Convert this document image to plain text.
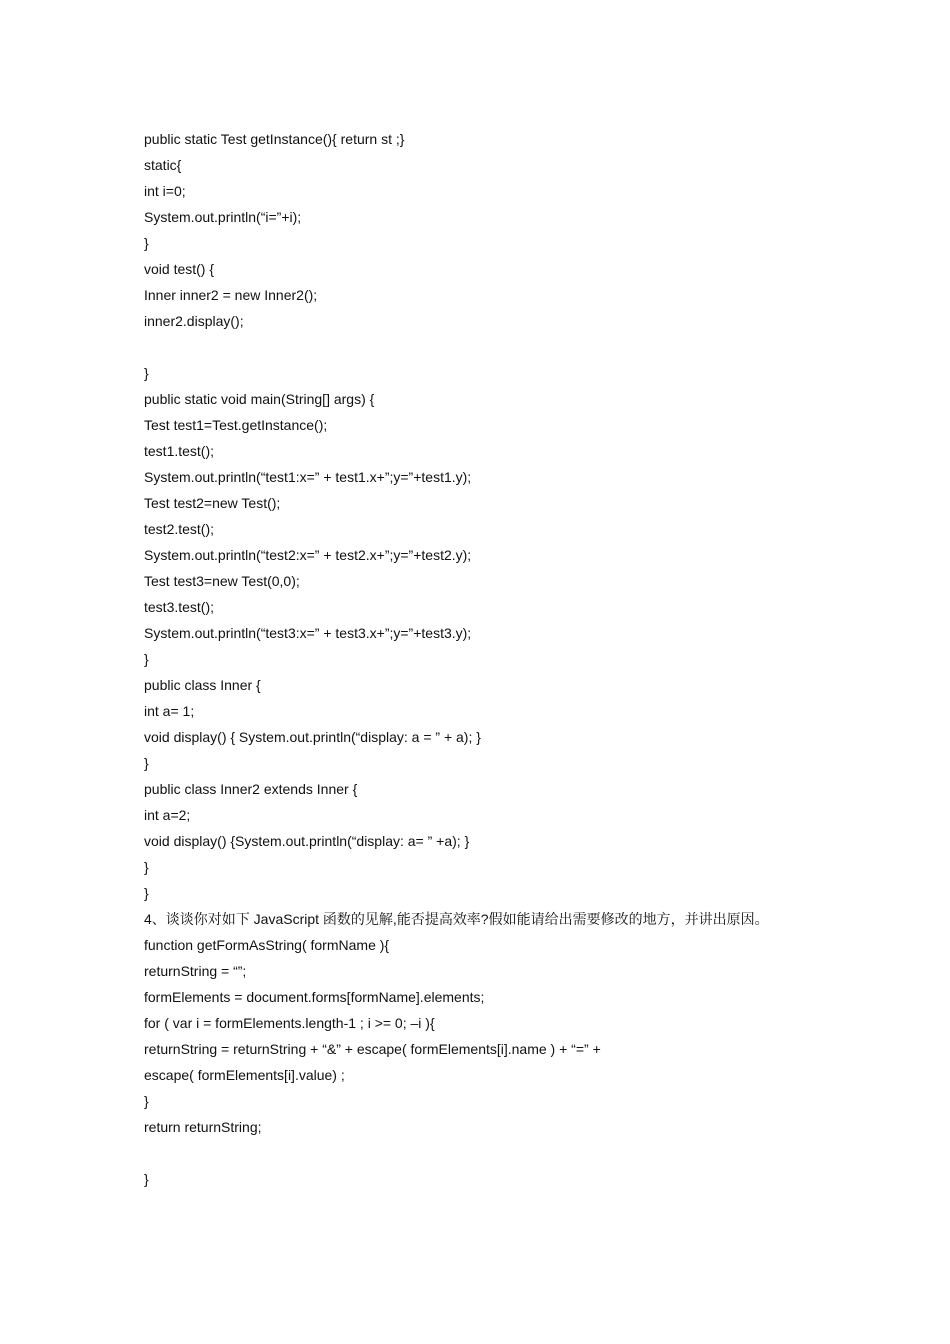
public static Test getInstance(){ return st ;}
static{
int i=0;
System.out.println(“i=”+i);
}
void test() {
Inner inner2 = new Inner2();
inner2.display();
}
public static void main(String[] args) {
Test test1=Test.getInstance();
test1.test();
System.out.println(“test1:x=” + test1.x+”;y=”+test1.y);
Test test2=new Test();
test2.test();
System.out.println(“test2:x=” + test2.x+”;y=”+test2.y);
Test test3=new Test(0,0);
test3.test();
System.out.println(“test3:x=” + test3.x+”;y=”+test3.y);
}
public class Inner {
int a= 1;
void display() { System.out.println(“display: a = ” + a); }
}
public class Inner2 extends Inner {
int a=2;
void display() {System.out.println(“display: a= ” +a); }
}
}
4、谈谈你对如下 JavaScript 函数的见解,能否提高效率?假如能请给出需要修改的地方，并讲出原因。
function getFormAsString( formName ){
returnString = “”;
formElements = document.forms[formName].elements;
for ( var i = formElements.length-1 ; i >= 0; –i ){
returnString = returnString + “&” + escape( formElements[i].name ) + “=” +
escape( formElements[i].value) ;
}
return returnString;
}
